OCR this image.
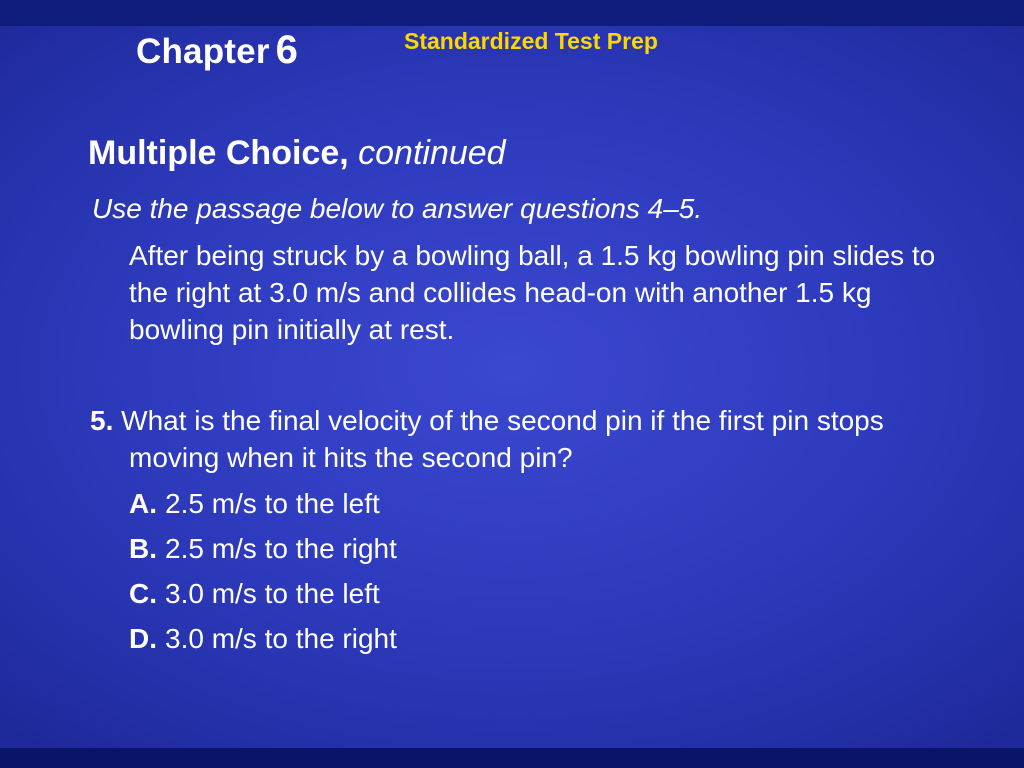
Chapter 6	Standardized Test Prep
Multiple Choice, continued
Use the passage below to answer questions 4–5.
After being struck by a bowling ball, a 1.5 kg bowling pin slides to the right at 3.0 m/s and collides head-on with another 1.5 kg bowling pin initially at rest.
5. What is the final velocity of the second pin if the first pin stops moving when it hits the second pin?
A. 2.5 m/s to the left
B. 2.5 m/s to the right
C. 3.0 m/s to the left
D. 3.0 m/s to the right
